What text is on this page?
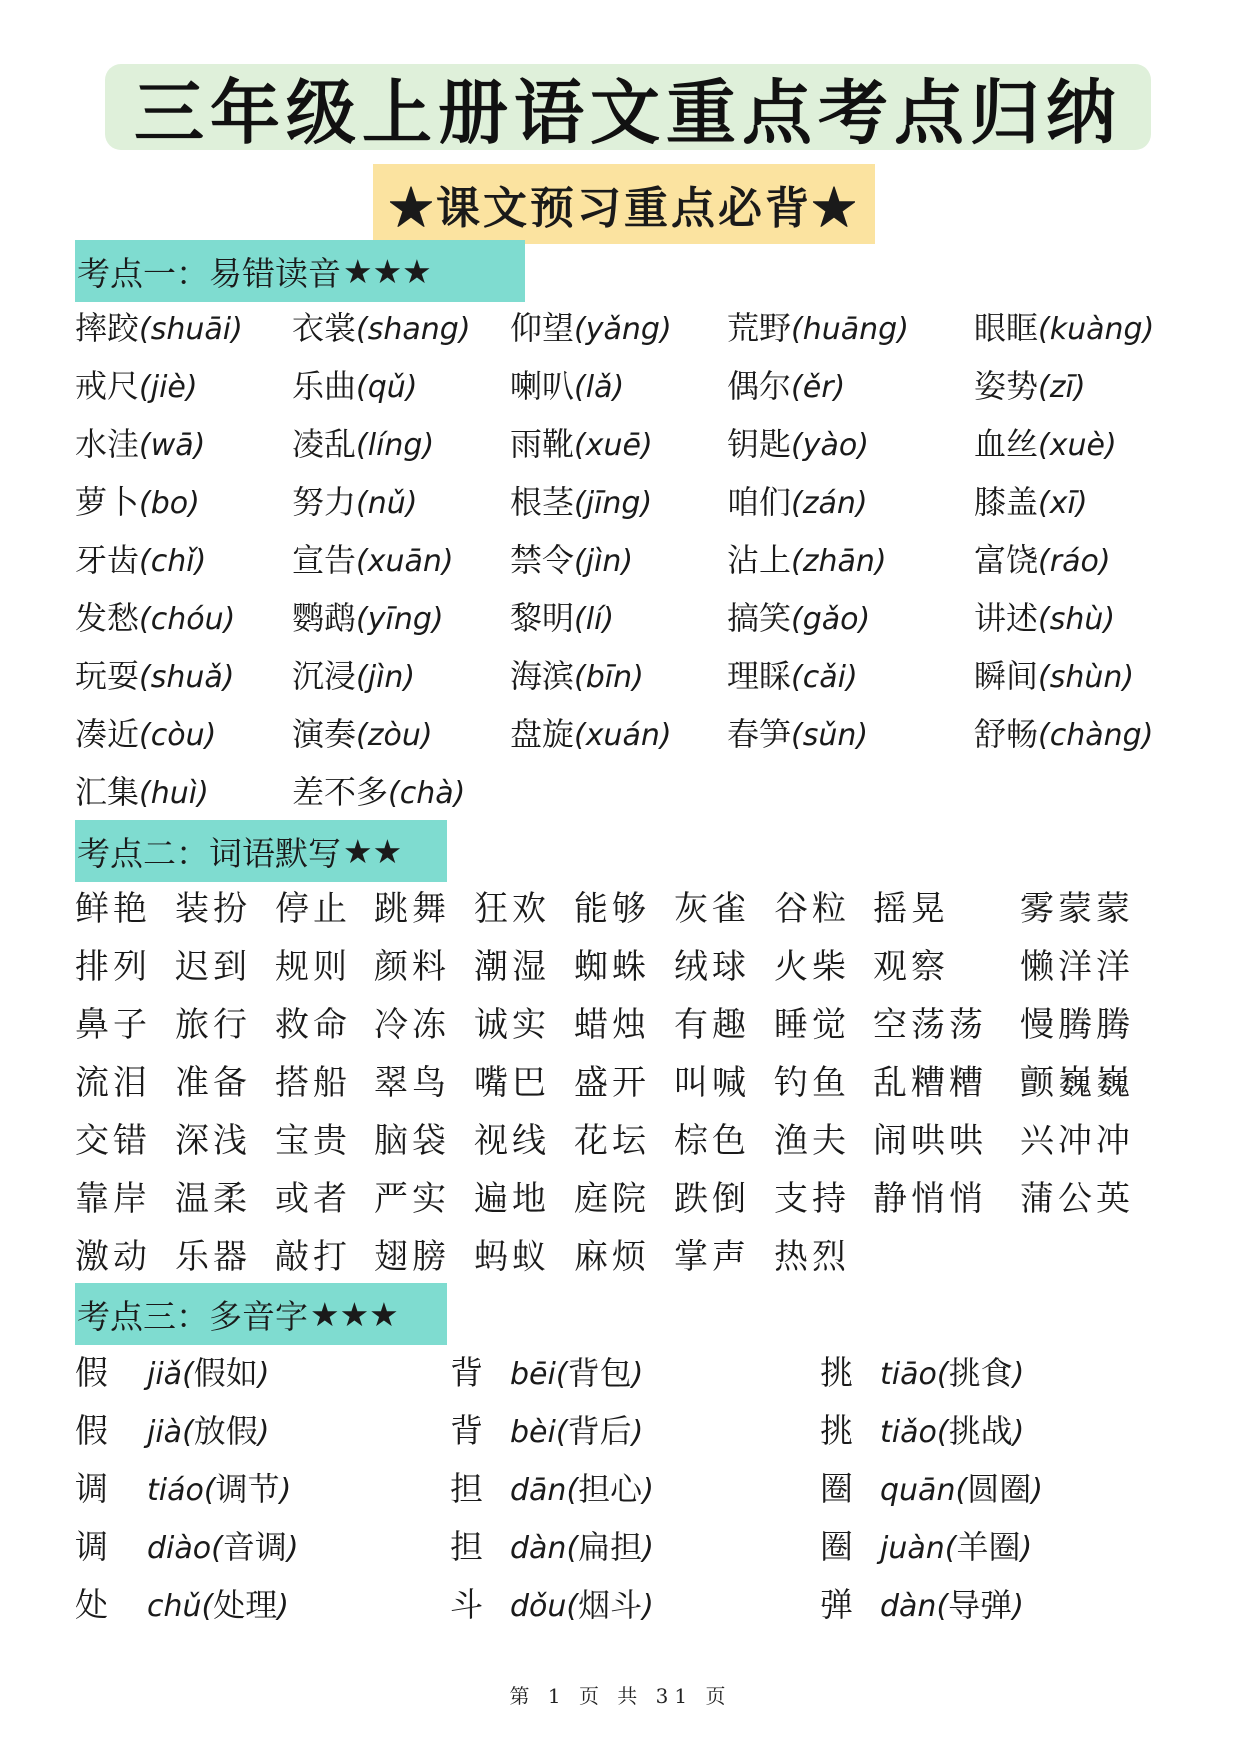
三年级上册语文重点考点归纳
★课文预习重点必背★
考点一：易错读音 ★★★
摔跤(shuāi) 衣裳(shang) 仰望(yǎng) 荒野(huāng) 眼眶(kuàng)
戒尺(jiè)	乐曲(qǔ)	喇叭(lǎ)	偶尔(ěr)	姿势(zī)
水洼(wā)	凌乱(líng) 雨靴(xuē) 钥匙(yào)	血丝(xuè)
萝卜(bo)	努力(nǔ)	根茎(jīng) 咱们(zán)	膝盖(xī)
牙齿(chǐ)	宣告(xuān) 禁令(jìn)	沾上(zhān)	富饶(ráo)
发愁(chóu) 鹦鹉(yīng) 黎明(lí)	搞笑(gǎo)	讲述(shù)
玩耍(shuǎ) 沉浸(jìn)	海滨(bīn)	理睬(cǎi)	瞬间(shùn)
凑近(còu) 演奏(zòu) 盘旋(xuán) 春笋(sǔn)	舒畅(chàng)
汇集(huì)	差不多(chà)
考点二：词语默写 ★★
鲜艳 装扮 停止 跳舞 狂欢 能够 灰雀 谷粒 摇晃 雾蒙蒙
排列 迟到 规则 颜料 潮湿 蜘蛛 绒球 火柴 观察 懒洋洋
鼻子 旅行 救命 冷冻 诚实 蜡烛 有趣 睡觉 空荡荡 慢腾腾
流泪 准备 搭船 翠鸟 嘴巴 盛开 叫喊 钓鱼 乱糟糟 颤巍巍
交错 深浅 宝贵 脑袋 视线 花坛 棕色 渔夫 闹哄哄 兴冲冲
靠岸 温柔 或者 严实 遍地 庭院 跌倒 支持 静悄悄 蒲公英
激动 乐器 敲打 翅膀 蚂蚁 麻烦 掌声 热烈
考点三：多音字 ★★★
假 jiǎ(假如)	背 bēi(背包)	挑 tiāo(挑食)
假 jià(放假)	背 bèi(背后)	挑 tiǎo(挑战)
调 tiáo(调节)	担 dān(担心)	圈 quān(圆圈)
调 diào(音调)	担 dàn(扁担)	圈 juàn(羊圈)
处 chǔ(处理)	斗 dǒu(烟斗)	弹 dàn(导弹)
第 1 页 共 31 页
